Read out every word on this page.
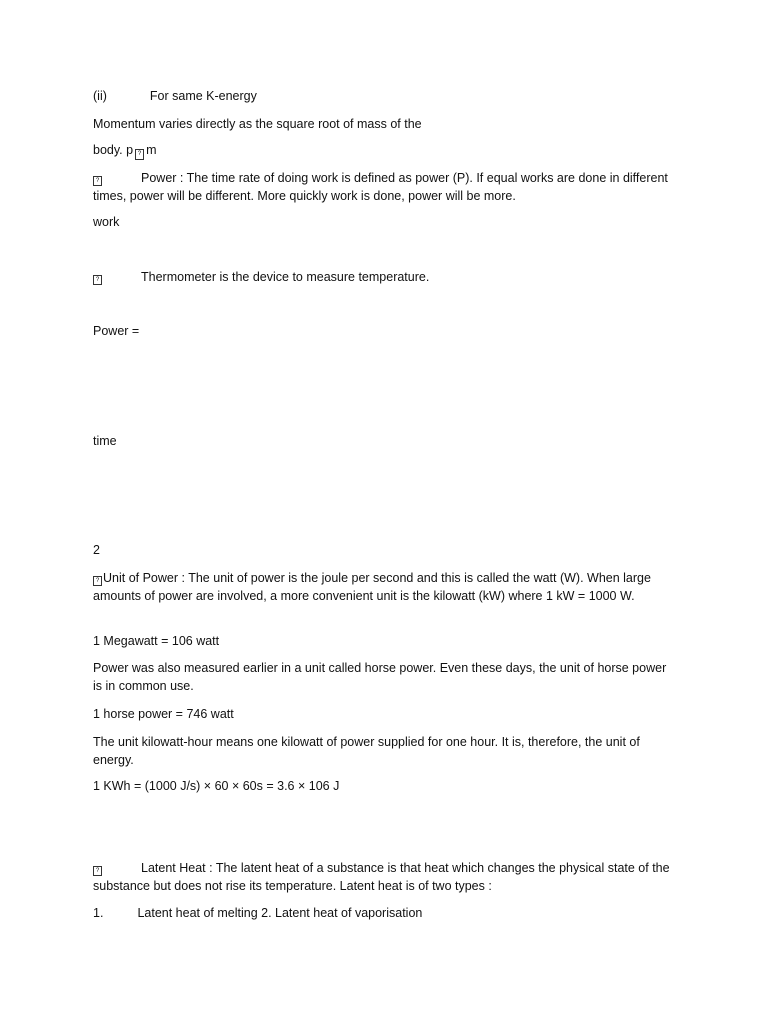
(ii)	For same K-energy
Momentum varies directly as the square root of mass of the
body. p ? m
?	Power : The time rate of doing work is defined as power (P). If equal works are done in different times, power will be different. More quickly work is done, power will be more.
work
?	Thermometer is the device to measure temperature.
Power =
time
2
? Unit of Power : The unit of power is the joule per second and this is called the watt (W). When large amounts of power are involved, a more convenient unit is the kilowatt (kW) where 1 kW = 1000 W.
1 Megawatt = 106 watt
Power was also measured earlier in a unit called horse power. Even these days, the unit of horse power is in common use.
1 horse power = 746 watt
The unit kilowatt-hour means one kilowatt of power supplied for one hour. It is, therefore, the unit of energy.
1 KWh = (1000 J/s) × 60 × 60s = 3.6 × 106 J
?	Latent Heat : The latent heat of a substance is that heat which changes the physical state of the substance but does not rise its temperature. Latent heat is of two types :
1.	Latent heat of melting 2. Latent heat of vaporisation
